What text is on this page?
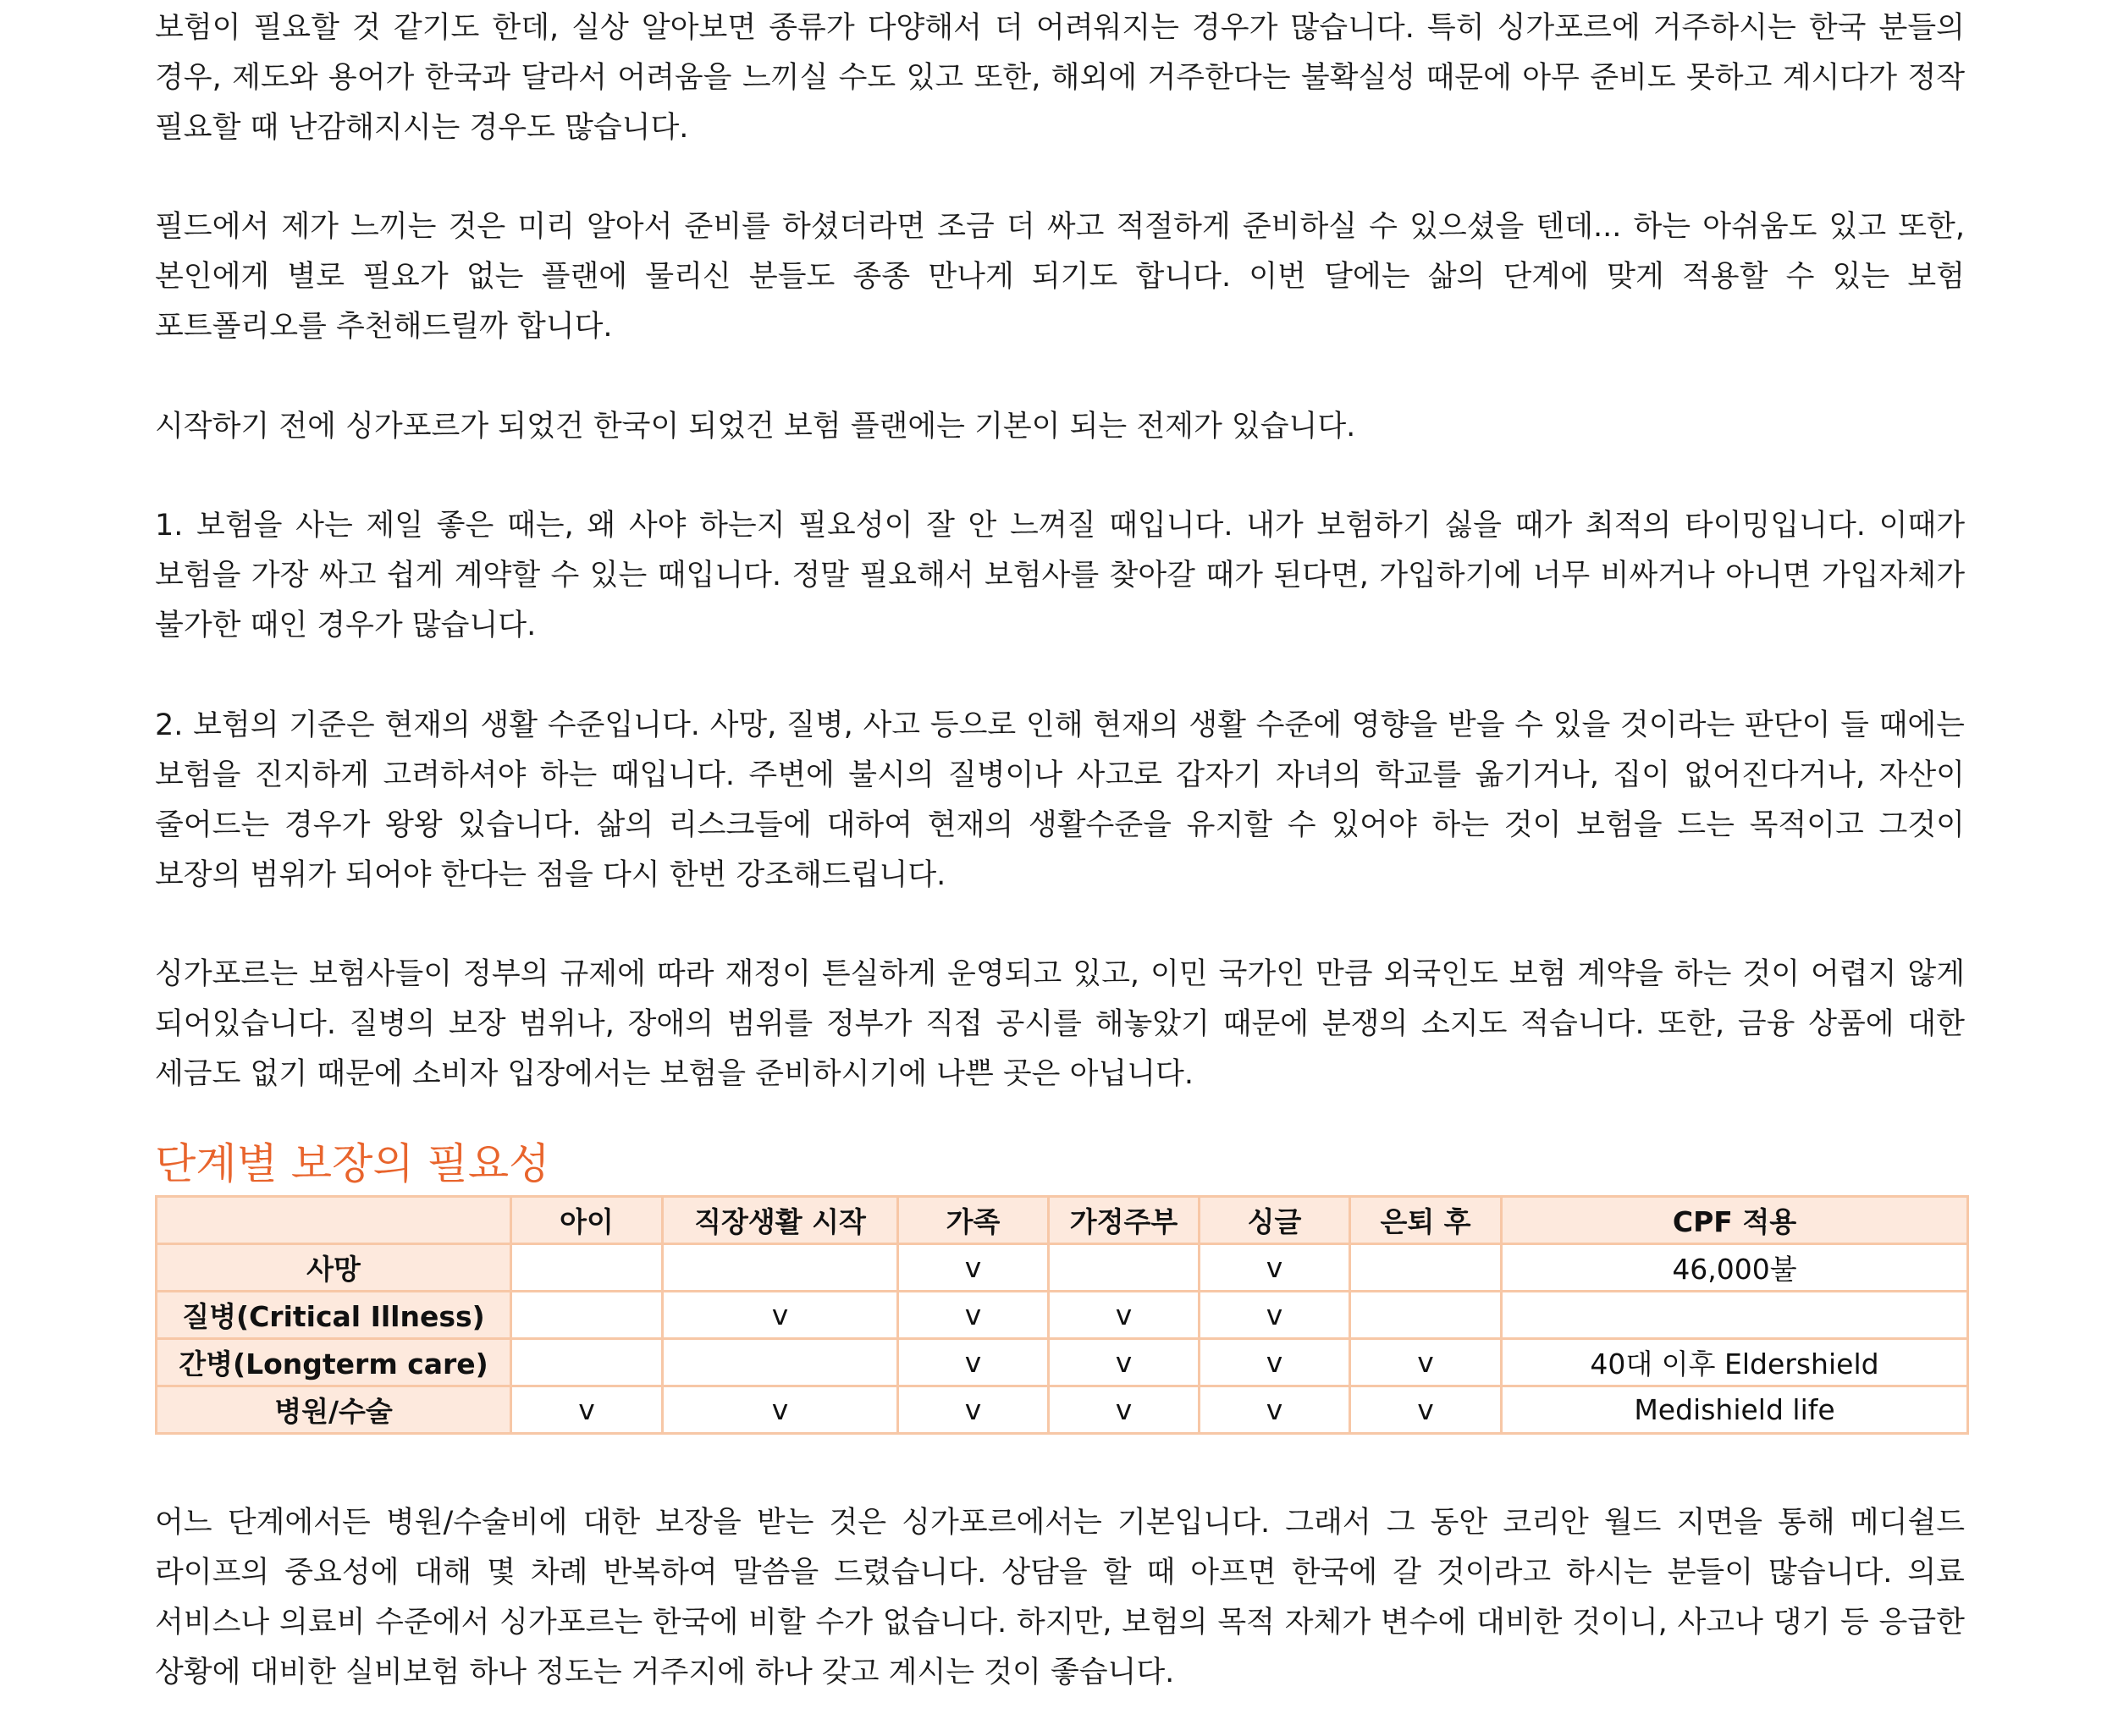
보험이 필요할 것 같기도 한데, 실상 알아보면 종류가 다양해서 더 어려워지는 경우가 많습니다. 특히 싱가포르에 거주하시는 한국 분들의 경우, 제도와 용어가 한국과 달라서 어려움을 느끼실 수도 있고 또한, 해외에 거주한다는 불확실성 때문에 아무 준비도 못하고 계시다가 정작 필요할 때 난감해지시는 경우도 많습니다.

필드에서 제가 느끼는 것은 미리 알아서 준비를 하셨더라면 조금 더 싸고 적절하게 준비하실 수 있으셨을 텐데... 하는 아쉬움도 있고 또한, 본인에게 별로 필요가 없는 플랜에 물리신 분들도 종종 만나게 되기도 합니다. 이번 달에는 삶의 단계에 맞게 적용할 수 있는 보험 포트폴리오를 추천해드릴까 합니다.

시작하기 전에 싱가포르가 되었건 한국이 되었건 보험 플랜에는 기본이 되는 전제가 있습니다.

1. 보험을 사는 제일 좋은 때는, 왜 사야 하는지 필요성이 잘 안 느껴질 때입니다. 내가 보험하기 싫을 때가 최적의 타이밍입니다. 이때가 보험을 가장 싸고 쉽게 계약할 수 있는 때입니다. 정말 필요해서 보험사를 찾아갈 때가 된다면, 가입하기에 너무 비싸거나 아니면 가입자체가 불가한 때인 경우가 많습니다.

2. 보험의 기준은 현재의 생활 수준입니다. 사망, 질병, 사고 등으로 인해 현재의 생활 수준에 영향을 받을 수 있을 것이라는 판단이 들 때에는 보험을 진지하게 고려하셔야 하는 때입니다. 주변에 불시의 질병이나 사고로 갑자기 자녀의 학교를 옮기거나, 집이 없어진다거나, 자산이 줄어드는 경우가 왕왕 있습니다. 삶의 리스크들에 대하여 현재의 생활수준을 유지할 수 있어야 하는 것이 보험을 드는 목적이고 그것이 보장의 범위가 되어야 한다는 점을 다시 한번 강조해드립니다.

싱가포르는 보험사들이 정부의 규제에 따라 재정이 튼실하게 운영되고 있고, 이민 국가인 만큼 외국인도 보험 계약을 하는 것이 어렵지 않게 되어있습니다. 질병의 보장 범위나, 장애의 범위를 정부가 직접 공시를 해놓았기 때문에 분쟁의 소지도 적습니다. 또한, 금융 상품에 대한 세금도 없기 때문에 소비자 입장에서는 보험을 준비하시기에 나쁜 곳은 아닙니다.

단계별 보장의 필요성
	아이	직장생활 시작	가족	가정주부	싱글	은퇴 후	CPF 적용
사망			v		v		46,000불
질병(Critical Illness)		v	v	v	v		
간병(Longterm care)			v	v	v	v	40대 이후 Eldershield
병원/수술	v	v	v	v	v	v	Medishield life

어느 단계에서든 병원/수술비에 대한 보장을 받는 것은 싱가포르에서는 기본입니다. 그래서 그 동안 코리안 월드 지면을 통해 메디쉴드 라이프의 중요성에 대해 몇 차례 반복하여 말씀을 드렸습니다. 상담을 할 때 아프면 한국에 갈 것이라고 하시는 분들이 많습니다. 의료 서비스나 의료비 수준에서 싱가포르는 한국에 비할 수가 없습니다. 하지만, 보험의 목적 자체가 변수에 대비한 것이니, 사고나 댕기 등 응급한 상황에 대비한 실비보험 하나 정도는 거주지에 하나 갖고 계시는 것이 좋습니다.
